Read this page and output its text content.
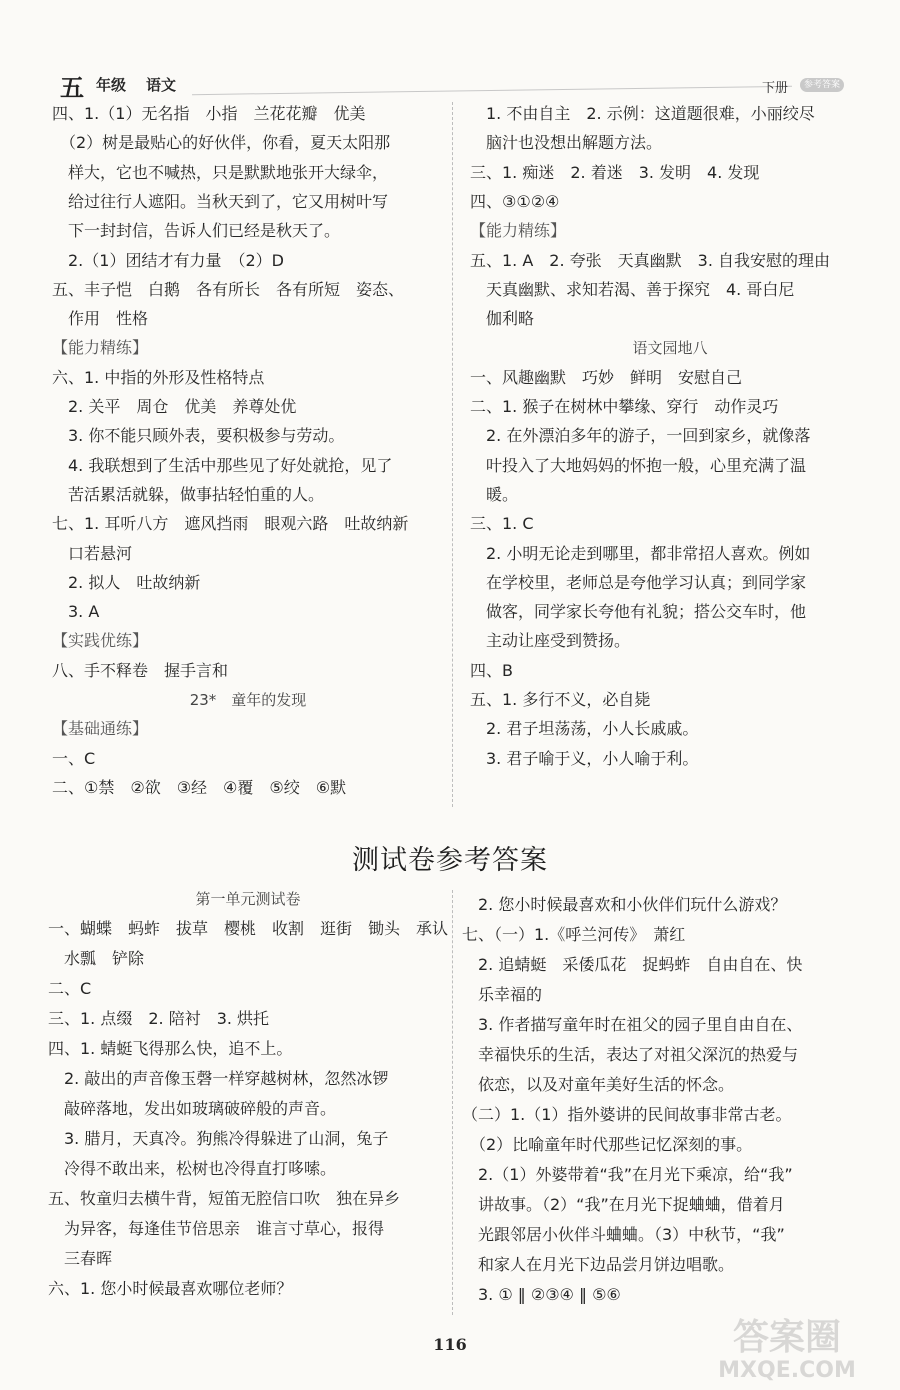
五 年级 语文	下册	参考答案
四、1.（1）无名指　小指　兰花花瓣　优美
　（2）树是最贴心的好伙伴，你看，夏天太阳那
　样大，它也不喊热，只是默默地张开大绿伞，
　给过往行人遮阳。当秋天到了，它又用树叶写
　下一封封信，告诉人们已经是秋天了。
　2.（1）团结才有力量　（2）D
五、丰子恺　白鹅　各有所长　各有所短　姿态、
　作用　性格
【能力精练】
六、1. 中指的外形及性格特点
　2. 关平　周仓　优美　养尊处优
　3. 你不能只顾外表，要积极参与劳动。
　4. 我联想到了生活中那些见了好处就抢，见了
　苦活累活就躲，做事拈轻怕重的人。
七、1. 耳听八方　遮风挡雨　眼观六路　吐故纳新
　口若悬河
　2. 拟人　吐故纳新
　3. A
【实践优练】
八、手不释卷　握手言和
23*　童年的发现
【基础通练】
一、C
二、①禁　②欲　③经　④覆　⑤绞　⑥默
　1. 不由自主　2. 示例：这道题很难，小丽绞尽
　脑汁也没想出解题方法。
三、1. 痴迷　2. 着迷　3. 发明　4. 发现
四、③①②④
【能力精练】
五、1. A　2. 夸张　天真幽默　3. 自我安慰的理由
　天真幽默、求知若渴、善于探究　4. 哥白尼
　伽利略
语文园地八
一、风趣幽默　巧妙　鲜明　安慰自己
二、1. 猴子在树林中攀缘、穿行　动作灵巧
　2. 在外漂泊多年的游子，一回到家乡，就像落
　叶投入了大地妈妈的怀抱一般，心里充满了温
　暖。
三、1. C
　2. 小明无论走到哪里，都非常招人喜欢。例如
　在学校里，老师总是夸他学习认真；到同学家
　做客，同学家长夸他有礼貌；搭公交车时，他
　主动让座受到赞扬。
四、B
五、1. 多行不义，必自毙
　2. 君子坦荡荡，小人长戚戚。
　3. 君子喻于义，小人喻于利。
测试卷参考答案
第一单元测试卷
一、蝴蝶　蚂蚱　拔草　樱桃　收割　逛街　锄头　承认
　水瓢　铲除
二、C
三、1. 点缀　2. 陪衬　3. 烘托
四、1. 蜻蜓飞得那么快，追不上。
　2. 敲出的声音像玉磬一样穿越树林，忽然冰锣
　敲碎落地，发出如玻璃破碎般的声音。
　3. 腊月，天真冷。狗熊冷得躲进了山洞，兔子
　冷得不敢出来，松树也冷得直打哆嗦。
五、牧童归去横牛背，短笛无腔信口吹　独在异乡
　为异客，每逢佳节倍思亲　谁言寸草心，报得
　三春晖
六、1. 您小时候最喜欢哪位老师？
　2. 您小时候最喜欢和小伙伴们玩什么游戏？
七、（一）1.《呼兰河传》　萧红
　2. 追蜻蜓　采倭瓜花　捉蚂蚱　自由自在、快
　乐幸福的
　3. 作者描写童年时在祖父的园子里自由自在、
　幸福快乐的生活，表达了对祖父深沉的热爱与
　依恋，以及对童年美好生活的怀念。
（二）1.（1）指外婆讲的民间故事非常古老。
　（2）比喻童年时代那些记忆深刻的事。
　2.（1）外婆带着“我”在月光下乘凉，给“我”
　讲故事。（2）“我”在月光下捉蛐蛐，借着月
　光跟邻居小伙伴斗蛐蛐。（3）中秋节，“我”
　和家人在月光下边品尝月饼边唱歌。
　3. ① ‖ ②③④ ‖ ⑤⑥
116	答案圈
MXQE.COM
